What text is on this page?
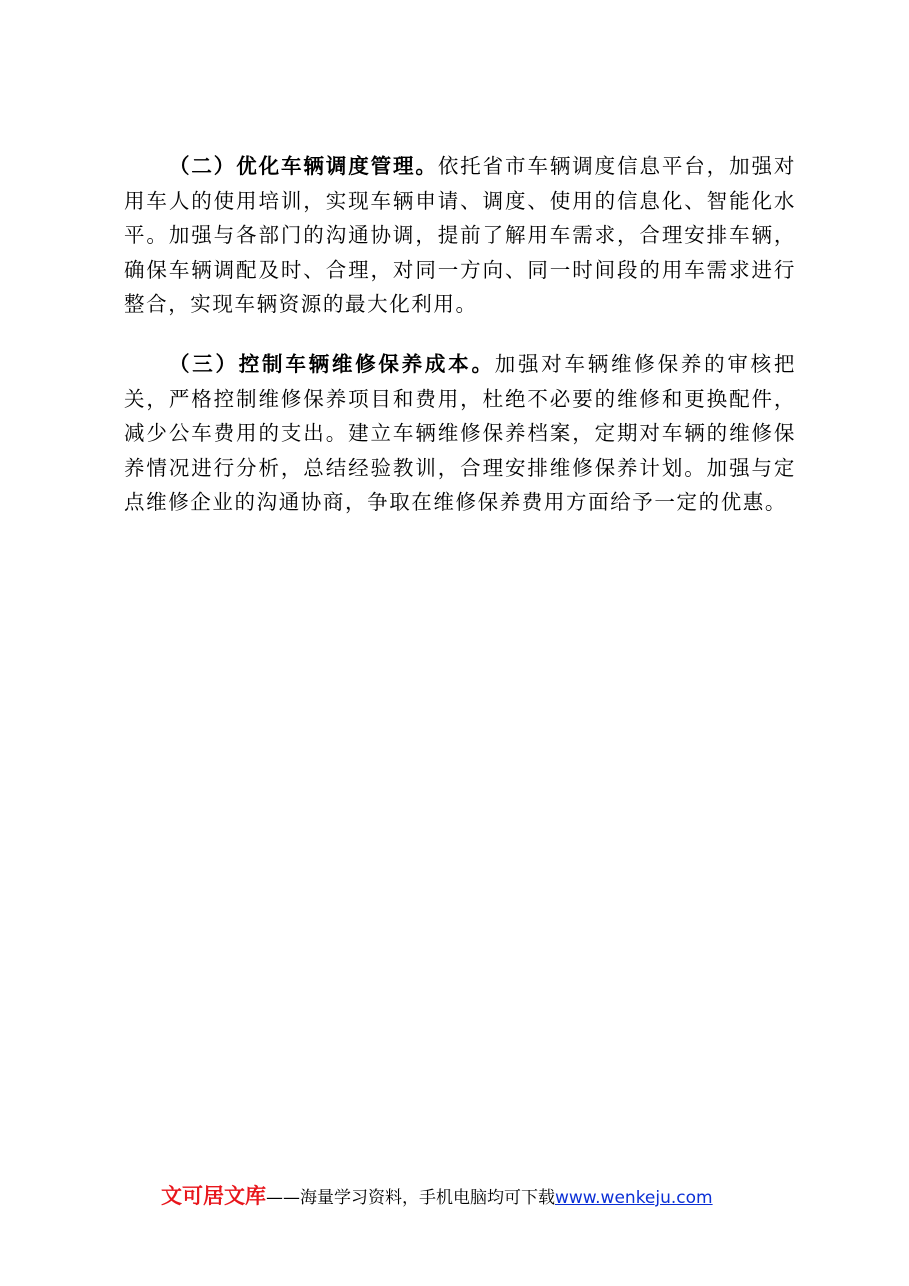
（二）优化车辆调度管理。依托省市车辆调度信息平台，加强对用车人的使用培训，实现车辆申请、调度、使用的信息化、智能化水平。加强与各部门的沟通协调，提前了解用车需求，合理安排车辆，确保车辆调配及时、合理，对同一方向、同一时间段的用车需求进行整合，实现车辆资源的最大化利用。

（三）控制车辆维修保养成本。加强对车辆维修保养的审核把关，严格控制维修保养项目和费用，杜绝不必要的维修和更换配件，减少公车费用的支出。建立车辆维修保养档案，定期对车辆的维修保养情况进行分析，总结经验教训，合理安排维修保养计划。加强与定点维修企业的沟通协商，争取在维修保养费用方面给予一定的优惠。

文可居文库——海量学习资料，手机电脑均可下载www.wenkeju.com
